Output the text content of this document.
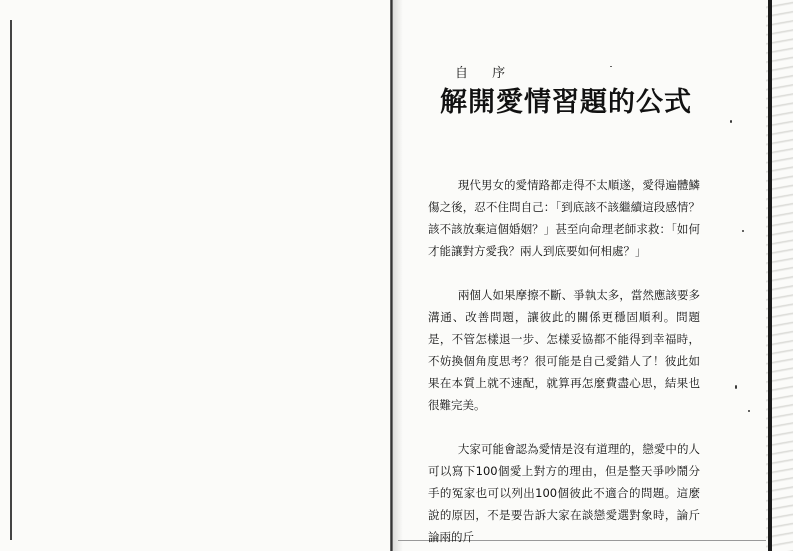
自 序
解開愛情習題的公式

現代男女的愛情路都走得不太順遂，愛得遍體鱗傷之後，忍不住問自己：「到底該不該繼續這段感情？該不該放棄這個婚姻？」甚至向命理老師求救：「如何才能讓對方愛我？兩人到底要如何相處？」

兩個人如果摩擦不斷、爭執太多，當然應該要多溝通、改善問題，讓彼此的關係更穩固順利。問題是，不管怎樣退一步、怎樣妥協都不能得到幸福時，不妨換個角度思考？很可能是自己愛錯人了！彼此如果在本質上就不速配，就算再怎麼費盡心思，結果也很難完美。

大家可能會認為愛情是沒有道理的，戀愛中的人可以寫下100個愛上對方的理由，但是整天爭吵鬧分手的冤家也可以列出100個彼此不適合的問題。這麼說的原因，不是要告訴大家在談戀愛選對象時，論斤論兩的斤
